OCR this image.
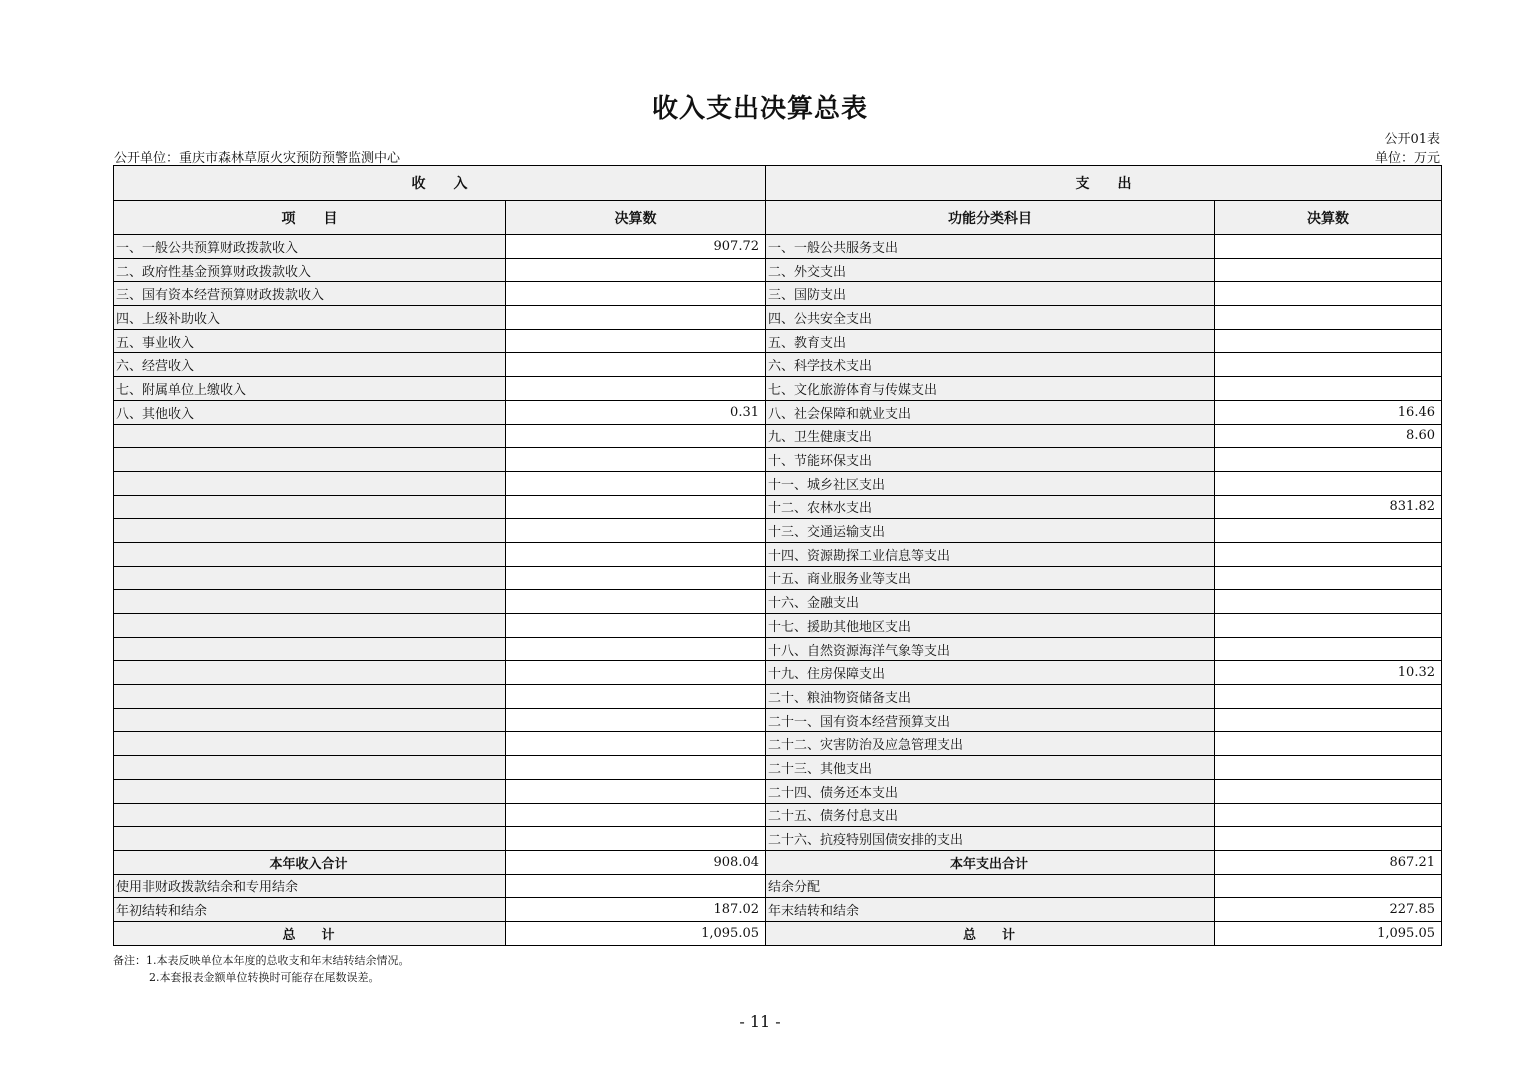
收入支出决算总表
公开01表
公开单位：重庆市森林草原火灾预防预警监测中心	单位：万元
收　　入		支　　出	
项　　目	决算数	功能分类科目	决算数
一、一般公共预算财政拨款收入	907.72	一、一般公共服务支出	
二、政府性基金预算财政拨款收入		二、外交支出	
三、国有资本经营预算财政拨款收入		三、国防支出	
四、上级补助收入		四、公共安全支出	
五、事业收入		五、教育支出	
六、经营收入		六、科学技术支出	
七、附属单位上缴收入		七、文化旅游体育与传媒支出	
八、其他收入	0.31	八、社会保障和就业支出	16.46
		九、卫生健康支出	8.60
		十、节能环保支出	
		十一、城乡社区支出	
		十二、农林水支出	831.82
		十三、交通运输支出	
		十四、资源勘探工业信息等支出	
		十五、商业服务业等支出	
		十六、金融支出	
		十七、援助其他地区支出	
		十八、自然资源海洋气象等支出	
		十九、住房保障支出	10.32
		二十、粮油物资储备支出	
		二十一、国有资本经营预算支出	
		二十二、灾害防治及应急管理支出	
		二十三、其他支出	
		二十四、债务还本支出	
		二十五、债务付息支出	
		二十六、抗疫特别国债安排的支出	
本年收入合计	908.04	本年支出合计	867.21
使用非财政拨款结余和专用结余		结余分配	
年初结转和结余	187.02	年末结转和结余	227.85
总　　计	1,095.05	总　　计	1,095.05
备注：1.本表反映单位本年度的总收支和年末结转结余情况。
2.本套报表金额单位转换时可能存在尾数误差。
- 11 -
